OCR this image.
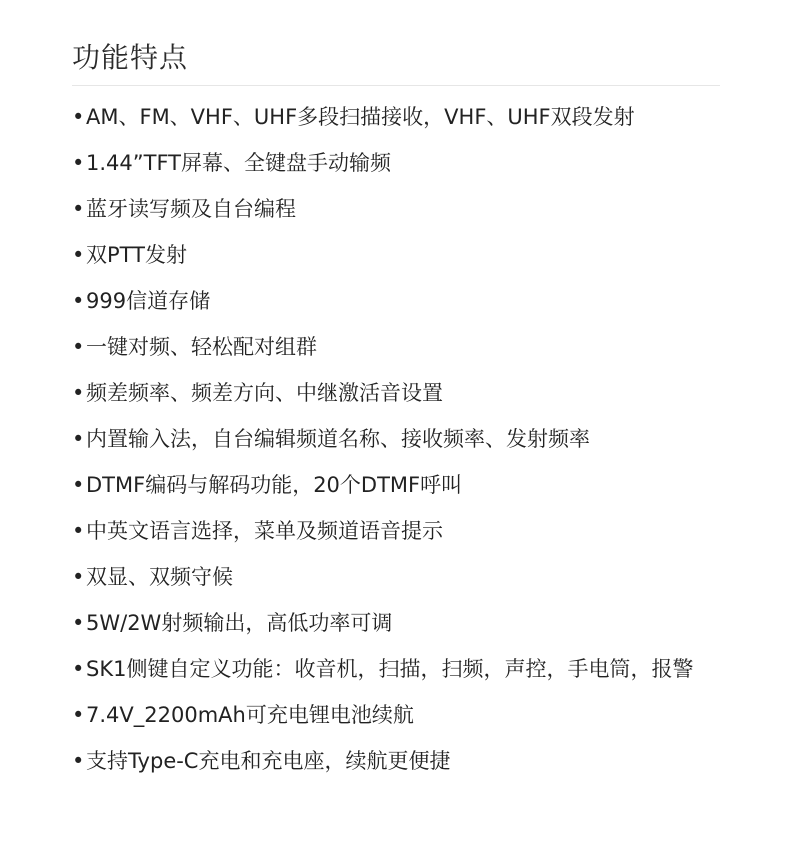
功能特点
•AM、FM、VHF、UHF多段扫描接收，VHF、UHF双段发射
•1.44”TFT屏幕、全键盘手动输频
•蓝牙读写频及自台编程
•双PTT发射
•999信道存储
•一键对频、轻松配对组群
•频差频率、频差方向、中继激活音设置
•内置输入法，自台编辑频道名称、接收频率、发射频率
•DTMF编码与解码功能，20个DTMF呼叫
•中英文语言选择，菜单及频道语音提示
•双显、双频守候
•5W/2W射频输出，高低功率可调
•SK1侧键自定义功能：收音机，扫描，扫频，声控，手电筒，报警
•7.4V_2200mAh可充电锂电池续航
•支持Type-C充电和充电座，续航更便捷
